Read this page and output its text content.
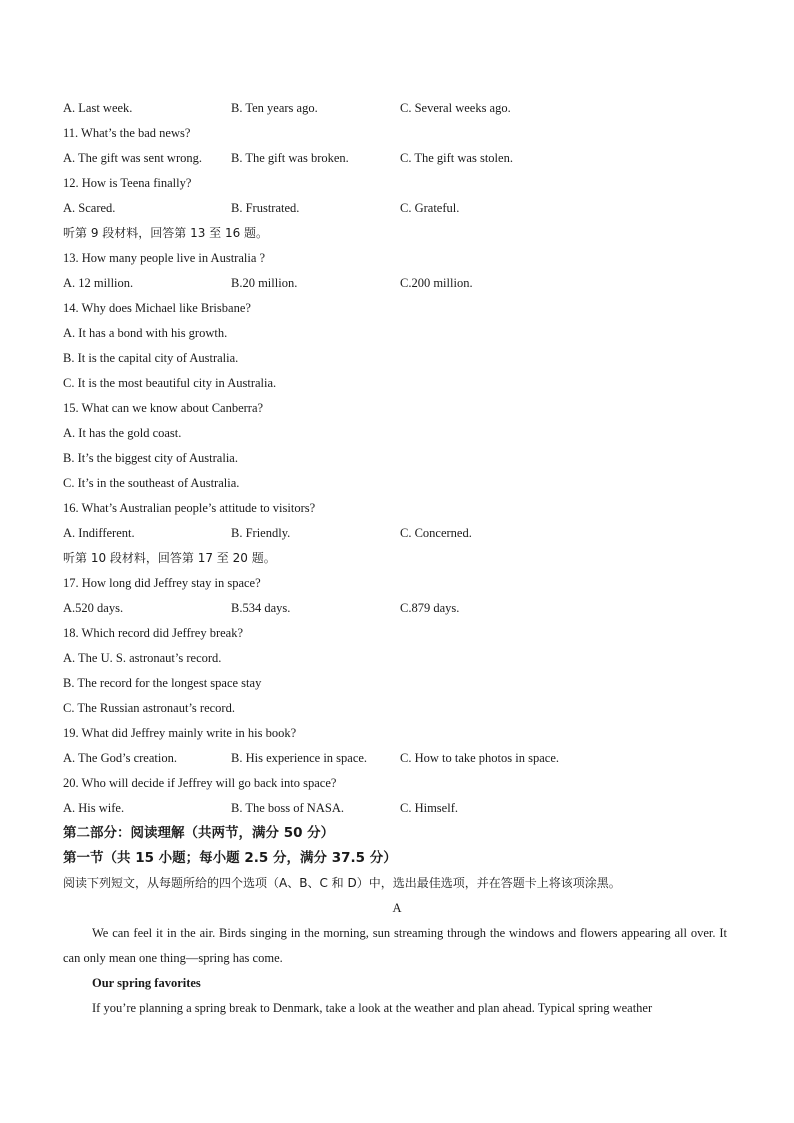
A. Last week.	B. Ten years ago.	C. Several weeks ago.
11. What’s the bad news?
A. The gift was sent wrong.	B. The gift was broken.	C. The gift was stolen.
12. How is Teena finally?
A. Scared.	B. Frustrated.	C. Grateful.
听第 9 段材料，回答第 13 至 16 题。
13. How many people live in Australia ?
A. 12 million.	B.20 million.	C.200 million.
14. Why does Michael like Brisbane?
A. It has a bond with his growth.
B. It is the capital city of Australia.
C. It is the most beautiful city in Australia.
15. What can we know about Canberra?
A. It has the gold coast.
B. It’s the biggest city of Australia.
C. It’s in the southeast of Australia.
16. What’s Australian people’s attitude to visitors?
A. Indifferent.	B. Friendly.	C. Concerned.
听第 10 段材料，回答第 17 至 20 题。
17. How long did Jeffrey stay in space?
A.520 days.	B.534 days.	C.879 days.
18. Which record did Jeffrey break?
A. The U. S. astronaut’s record.
B. The record for the longest space stay
C. The Russian astronaut’s record.
19. What did Jeffrey mainly write in his book?
A. The God’s creation.	B. His experience in space.	C. How to take photos in space.
20. Who will decide if Jeffrey will go back into space?
A. His wife.	B. The boss of NASA.	C. Himself.
第二部分：阅读理解（共两节，满分 50 分）
第一节（共 15 小题；每小题 2.5 分，满分 37.5 分）
阅读下列短文，从每题所给的四个选项（A、B、C 和 D）中，选出最佳选项，并在答题卡上将该项涂黑。
A
We can feel it in the air. Birds singing in the morning, sun streaming through the windows and flowers appearing all over. It can only mean one thing—spring has come.
Our spring favorites
If you’re planning a spring break to Denmark, take a look at the weather and plan ahead. Typical spring weather
